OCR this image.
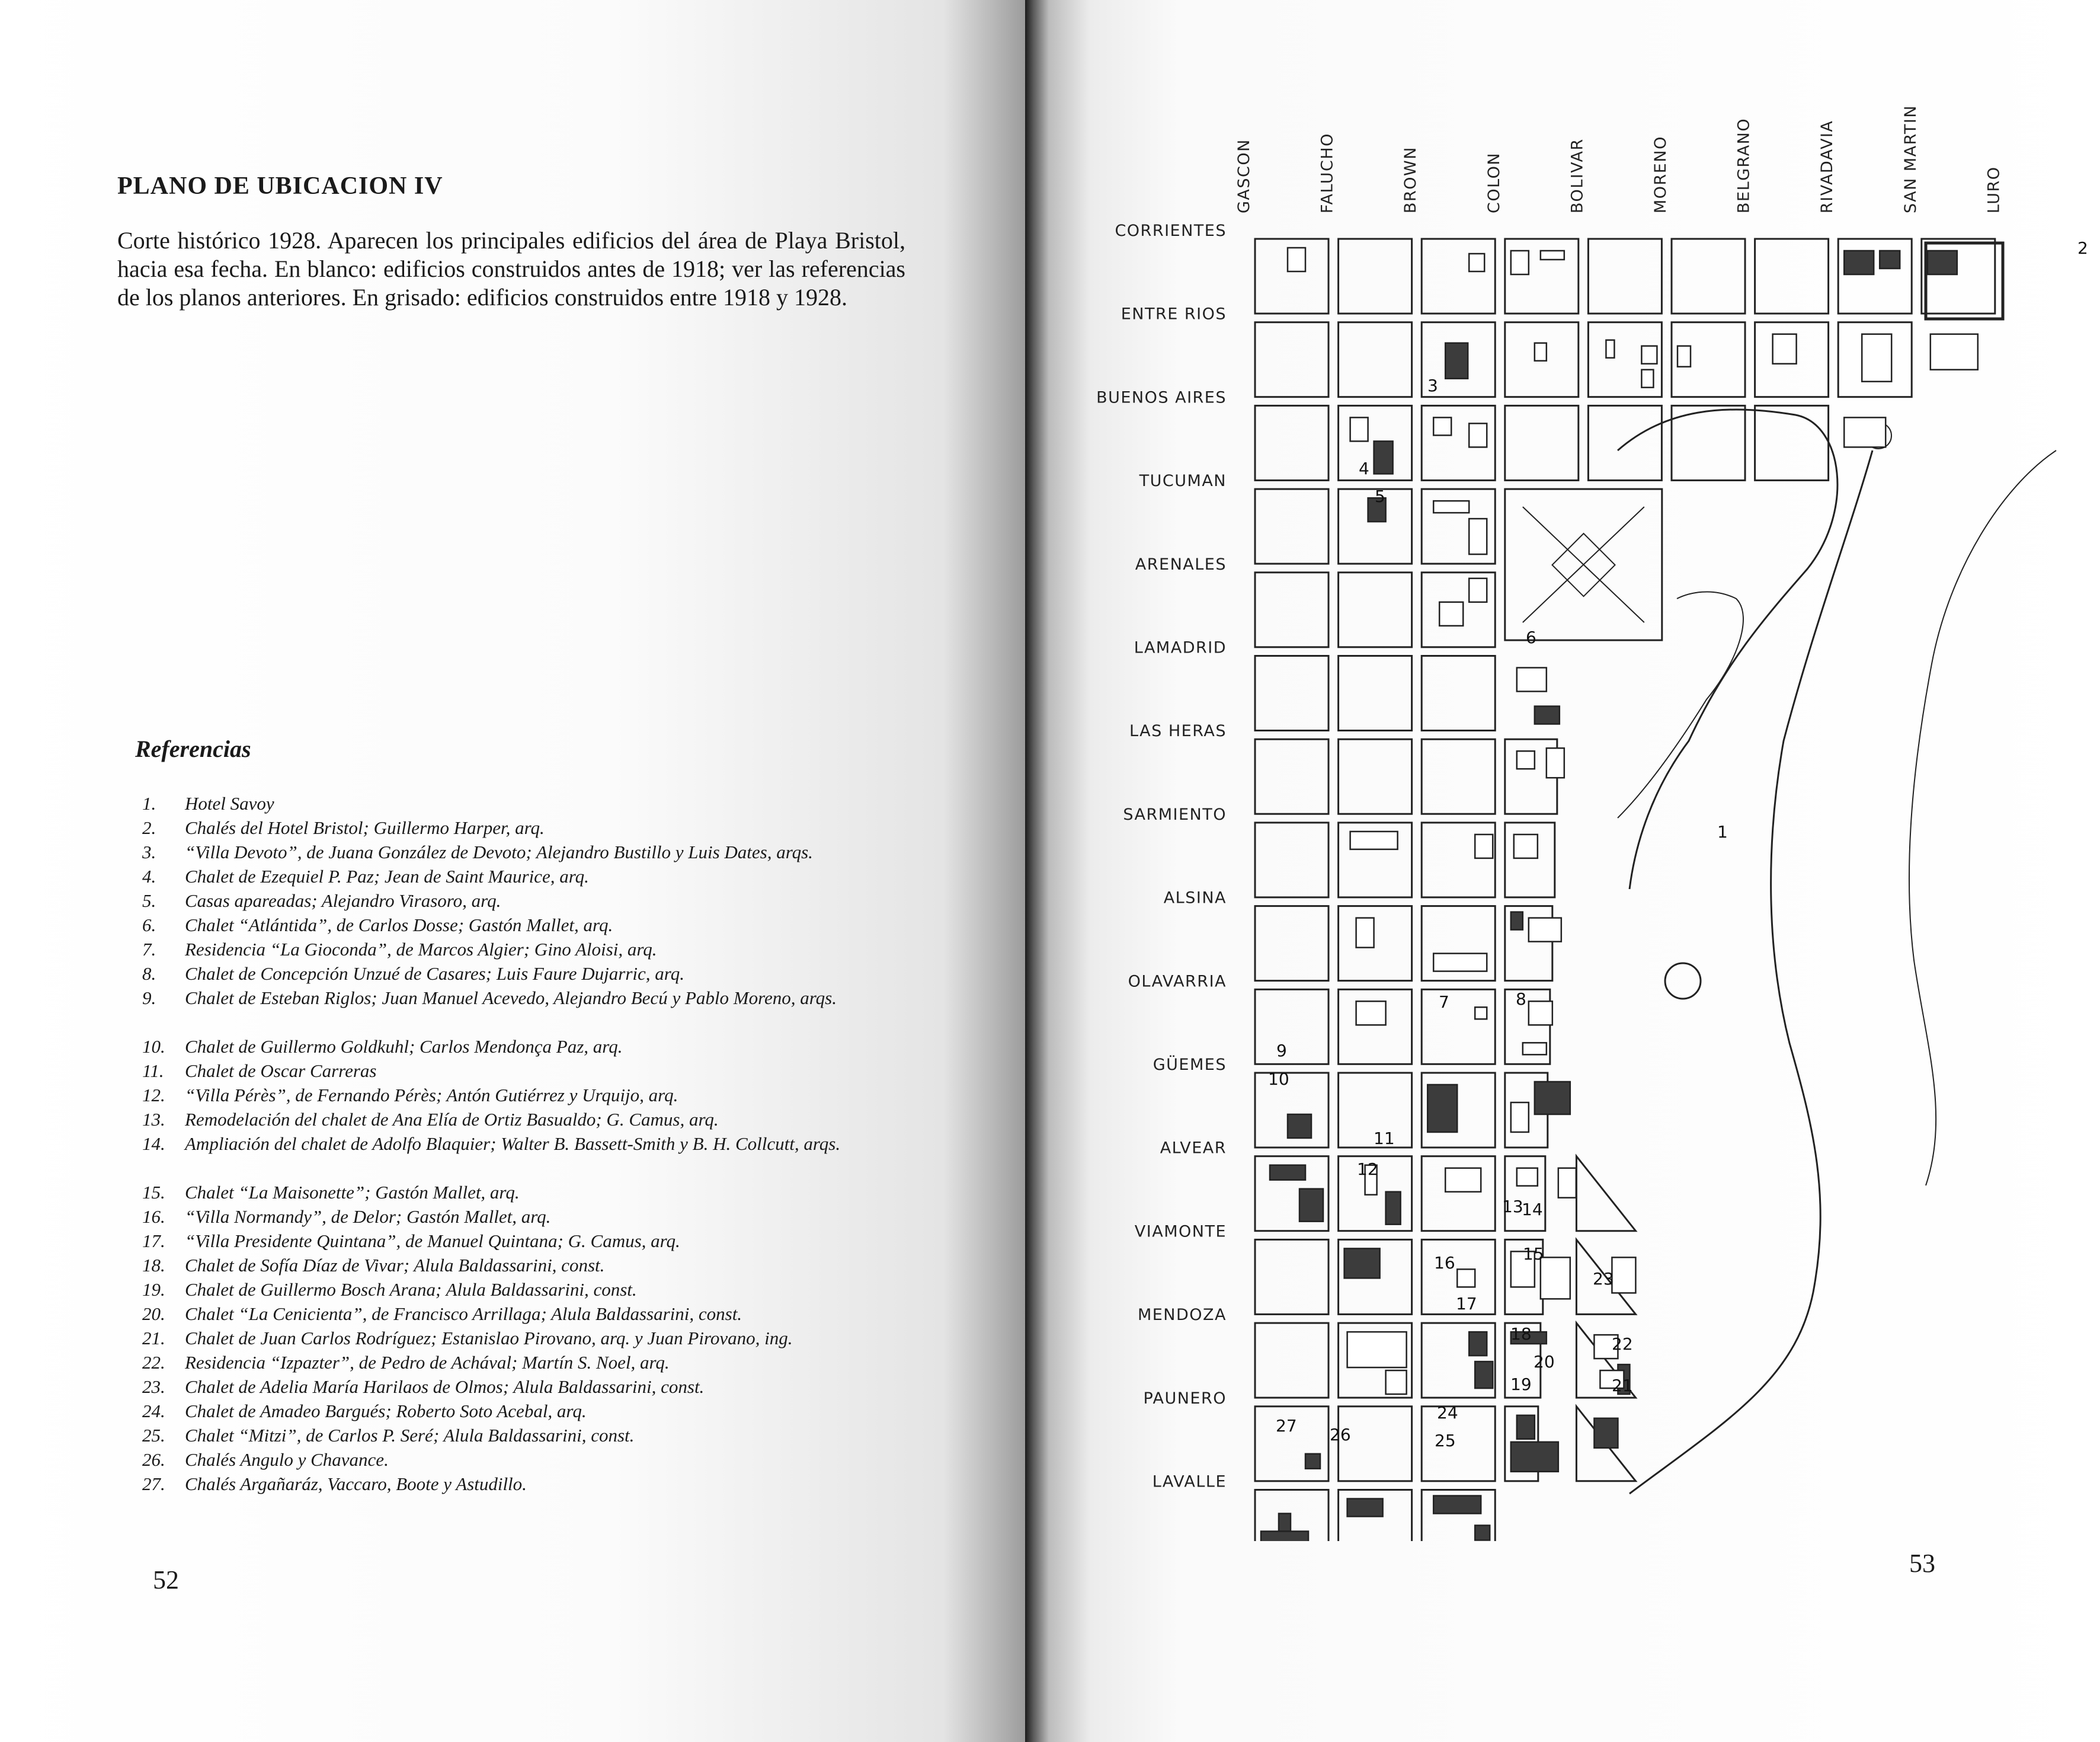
PLANO DE UBICACION IV

Corte histórico 1928. Aparecen los principales edificios del área de Playa Bristol, hacia esa fecha. En blanco: edificios construidos antes de 1918; ver las referencias de los planos anteriores. En grisado: edificios construidos entre 1918 y 1928.

Referencias
1.	Hotel Savoy
2.	Chalés del Hotel Bristol; Guillermo Harper, arq.
3.	“Villa Devoto”, de Juana González de Devoto; Alejandro Bustillo y Luis Dates, arqs.
4.	Chalet de Ezequiel P. Paz; Jean de Saint Maurice, arq.
5.	Casas apareadas; Alejandro Virasoro, arq.
6.	Chalet “Atlántida”, de Carlos Dosse; Gastón Mallet, arq.
7.	Residencia “La Gioconda”, de Marcos Algier; Gino Aloisi, arq.
8.	Chalet de Concepción Unzué de Casares; Luis Faure Dujarric, arq.
9.	Chalet de Esteban Riglos; Juan Manuel Acevedo, Alejandro Becú y Pablo Moreno, arqs.
10.	Chalet de Guillermo Goldkuhl; Carlos Mendonça Paz, arq.
11.	Chalet de Oscar Carreras
12.	“Villa Pérès”, de Fernando Pérès; Antón Gutiérrez y Urquijo, arq.
13.	Remodelación del chalet de Ana Elía de Ortiz Basualdo; G. Camus, arq.
14.	Ampliación del chalet de Adolfo Blaquier; Walter B. Bassett-Smith y B. H. Collcutt, arqs.
15.	Chalet “La Maisonette”; Gastón Mallet, arq.
16.	“Villa Normandy”, de Delor; Gastón Mallet, arq.
17.	“Villa Presidente Quintana”, de Manuel Quintana; G. Camus, arq.
18.	Chalet de Sofía Díaz de Vivar; Alula Baldassarini, const.
19.	Chalet de Guillermo Bosch Arana; Alula Baldassarini, const.
20.	Chalet “La Cenicienta”, de Francisco Arrillaga; Alula Baldassarini, const.
21.	Chalet de Juan Carlos Rodríguez; Estanislao Pirovano, arq. y Juan Pirovano, ing.
22.	Residencia “Izpazter”, de Pedro de Achával; Martín S. Noel, arq.
23.	Chalet de Adelia María Harilaos de Olmos; Alula Baldassarini, const.
24.	Chalet de Amadeo Bargués; Roberto Soto Acebal, arq.
25.	Chalet “Mitzi”, de Carlos P. Seré; Alula Baldassarini, const.
26.	Chalés Angulo y Chavance.
27.	Chalés Argañaráz, Vaccaro, Boote y Astudillo.
52
53
GASCON	FALUCHO	BROWN	COLON	BOLIVAR	MORENO	BELGRANO	RIVADAVIA	SAN MARTIN	LURO
CORRIENTES
ENTRE RIOS
BUENOS AIRES
TUCUMAN
ARENALES
LAMADRID
LAS HERAS
SARMIENTO
ALSINA
OLAVARRIA
GÜEMES
ALVEAR
VIAMONTE
MENDOZA
PAUNERO
LAVALLE
1
2
3
4
5
6
7	8
9
10
11
12
13
14
15
16
17
18
19
20
21
22
23
24
25
26
27
